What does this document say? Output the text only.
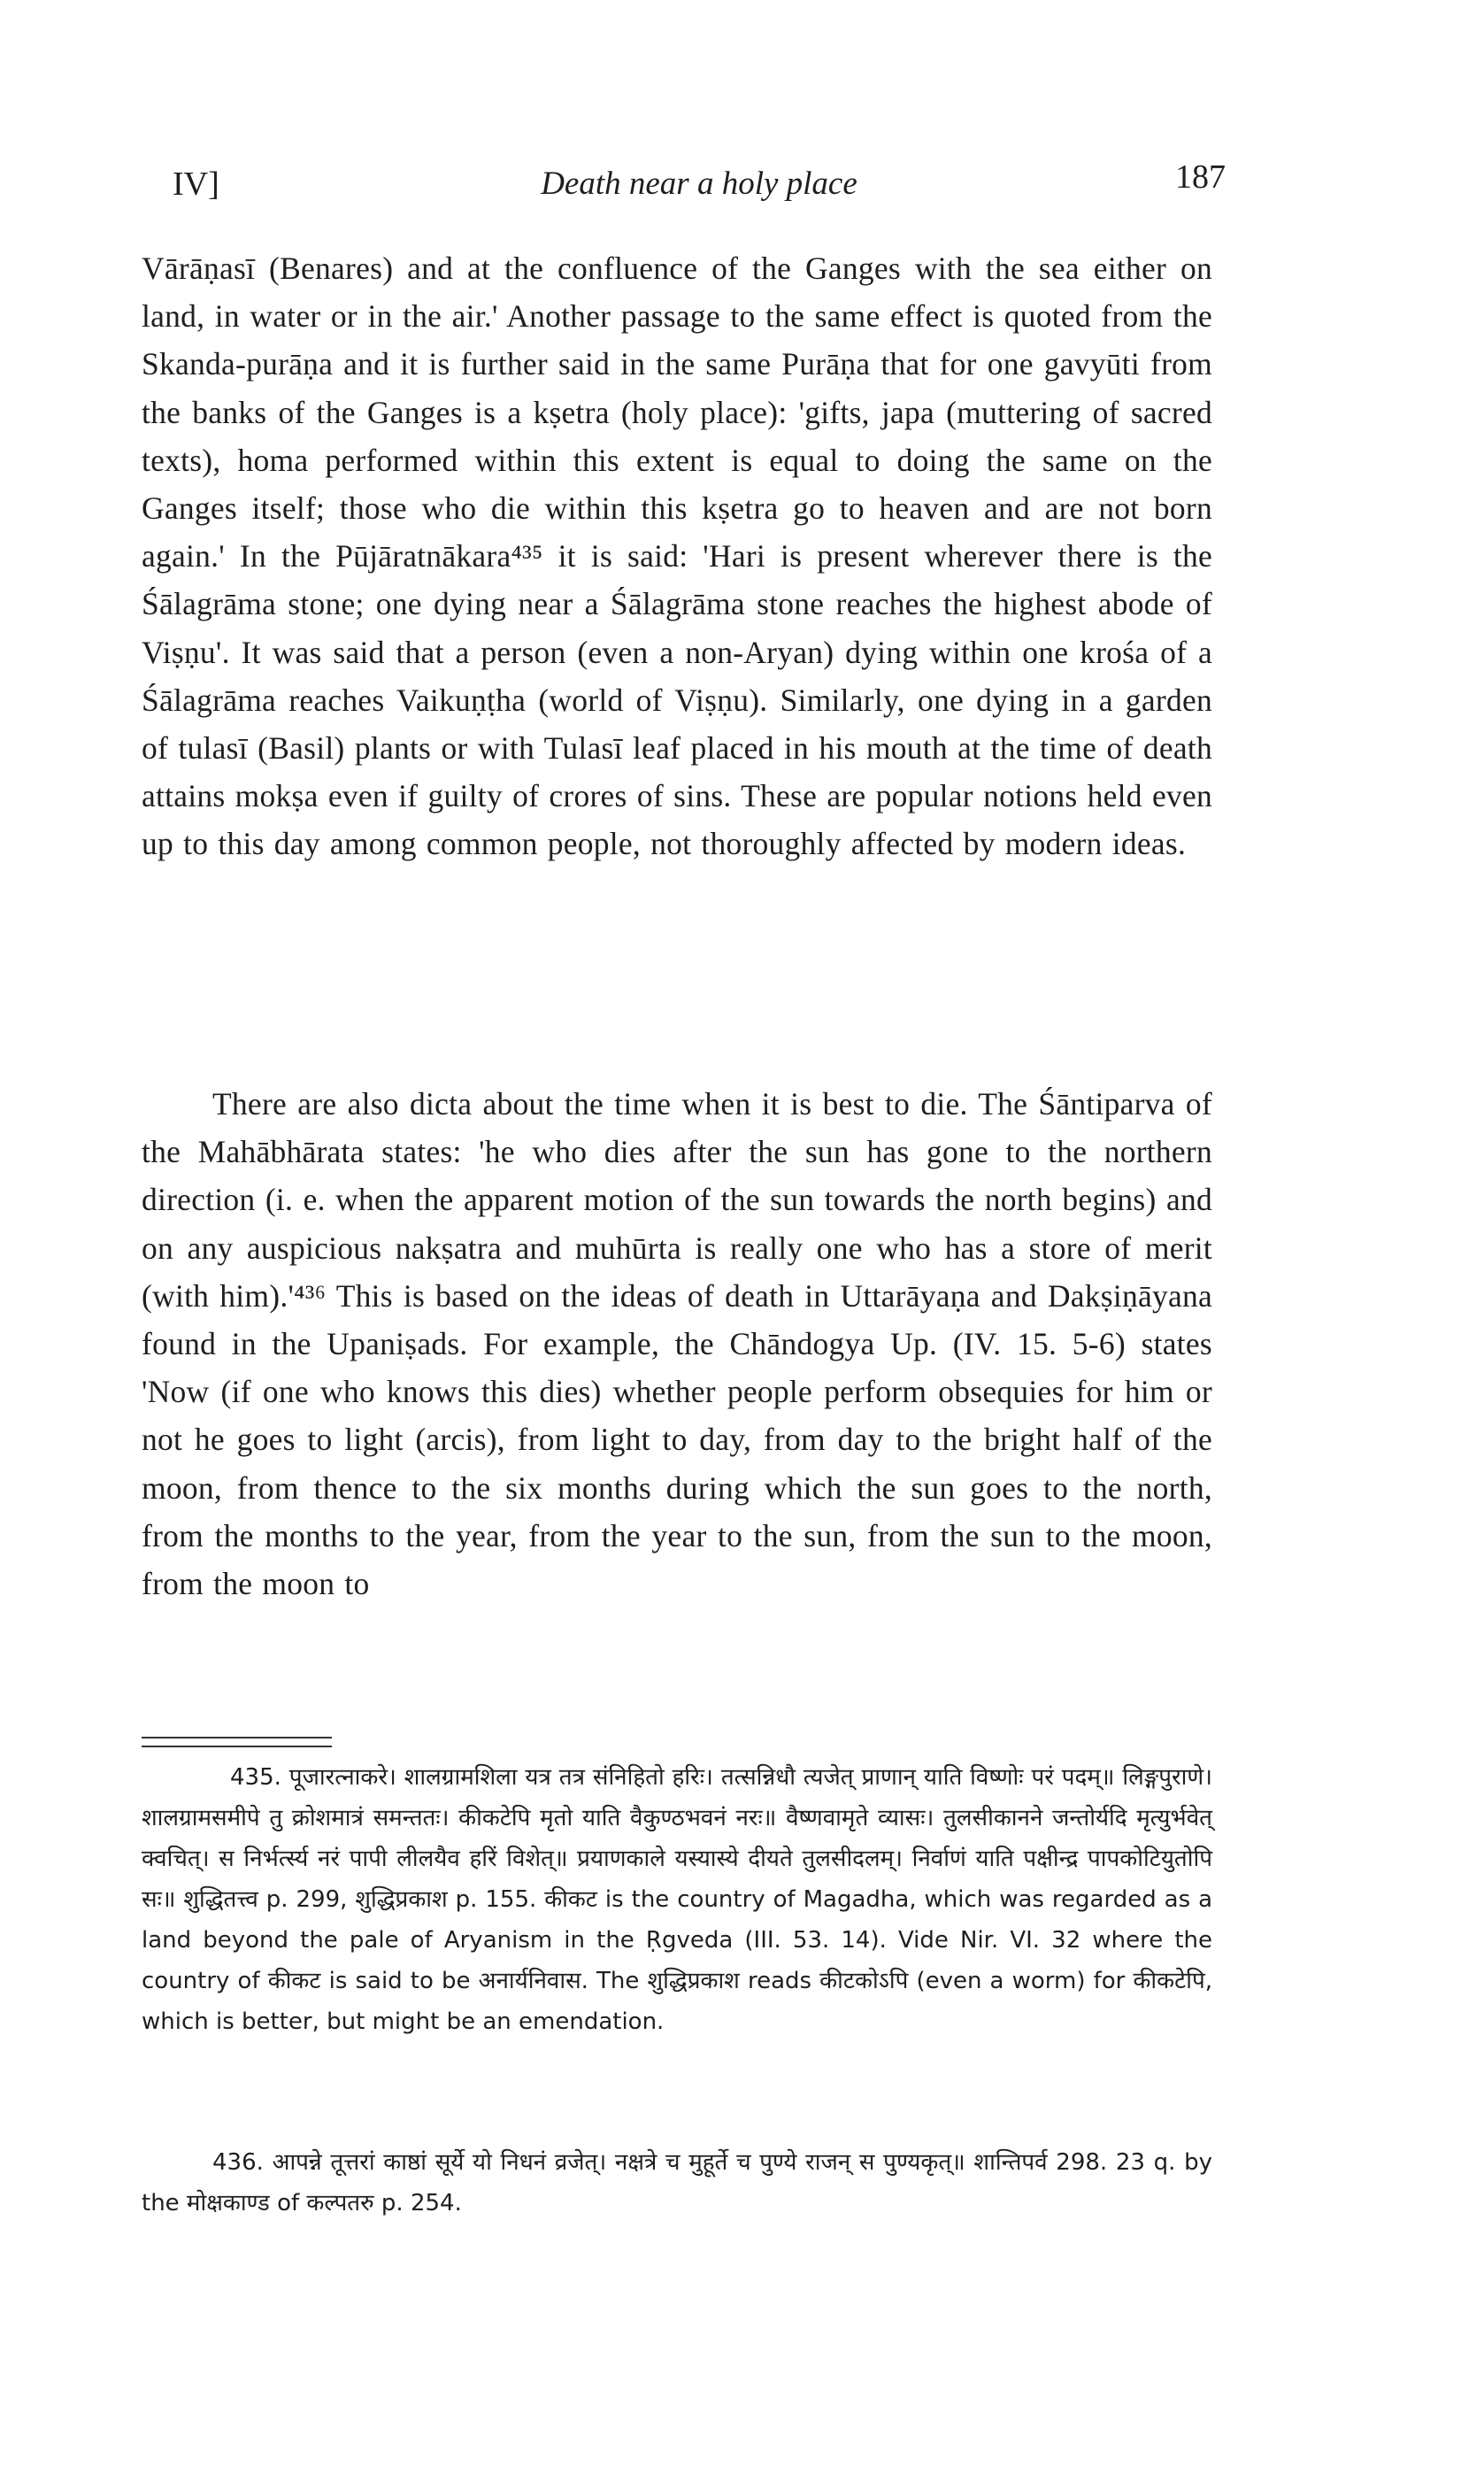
IV]	Death near a holy place	187

Vārāṇasī (Benares) and at the confluence of the Ganges with the sea either on land, in water or in the air.' Another passage to the same effect is quoted from the Skanda-purāṇa and it is further said in the same Purāṇa that for one gavyūti from the banks of the Ganges is a kṣetra (holy place): 'gifts, japa (muttering of sacred texts), homa performed within this extent is equal to doing the same on the Ganges itself; those who die within this kṣetra go to heaven and are not born again.' In the Pūjāratnākara⁴³⁵ it is said: 'Hari is present wherever there is the Śālagrāma stone; one dying near a Śālagrāma stone reaches the highest abode of Viṣṇu'. It was said that a person (even a non-Aryan) dying within one krośa of a Śālagrāma reaches Vaikuṇṭha (world of Viṣṇu). Similarly, one dying in a garden of tulasī (Basil) plants or with Tulasī leaf placed in his mouth at the time of death attains mokṣa even if guilty of crores of sins. These are popular notions held even up to this day among common people, not thoroughly affected by modern ideas.

There are also dicta about the time when it is best to die. The Śāntiparva of the Mahābhārata states: 'he who dies after the sun has gone to the northern direction (i. e. when the apparent motion of the sun towards the north begins) and on any auspicious nakṣatra and muhūrta is really one who has a store of merit (with him).'⁴³⁶ This is based on the ideas of death in Uttarāyaṇa and Dakṣiṇāyana found in the Upaniṣads. For example, the Chāndogya Up. (IV. 15. 5-6) states 'Now (if one who knows this dies) whether people perform obsequies for him or not he goes to light (arcis), from light to day, from day to the bright half of the moon, from thence to the six months during which the sun goes to the north, from the months to the year, from the year to the sun, from the sun to the moon, from the moon to

435. पूजारत्नाकरे। शालग्रामशिला यत्र तत्र संनिहितो हरिः। तत्सन्निधौ त्यजेत् प्राणान् याति विष्णोः परं पदम्॥ लिङ्गपुराणे। शालग्रामसमीपे तु क्रोशमात्रं समन्ततः। कीकटेपि मृतो याति वैकुण्ठभवनं नरः॥ वैष्णवामृते व्यासः। तुलसीकानने जन्तोर्यदि मृत्युर्भवेत् क्वचित्। स निर्भर्त्स्य नरं पापी लीलयैव हरिं विशेत्॥ प्रयाणकाले यस्यास्ये दीयते तुलसीदलम्। निर्वाणं याति पक्षीन्द्र पापकोटियुतोपि सः॥ शुद्धितत्त्व p. 299, शुद्धिप्रकाश p. 155. कीकट is the country of Magadha, which was regarded as a land beyond the pale of Aryanism in the Ṛgveda (III. 53. 14). Vide Nir. VI. 32 where the country of कीकट is said to be अनार्यनिवास. The शुद्धिप्रकाश reads कीटकोऽपि (even a worm) for कीकटेपि, which is better, but might be an emendation.

436. आपन्ने तूत्तरां काष्ठां सूर्ये यो निधनं व्रजेत्। नक्षत्रे च मुहूर्ते च पुण्ये राजन् स पुण्यकृत्॥ शान्तिपर्व 298. 23 q. by the मोक्षकाण्ड of कल्पतरु p. 254.
